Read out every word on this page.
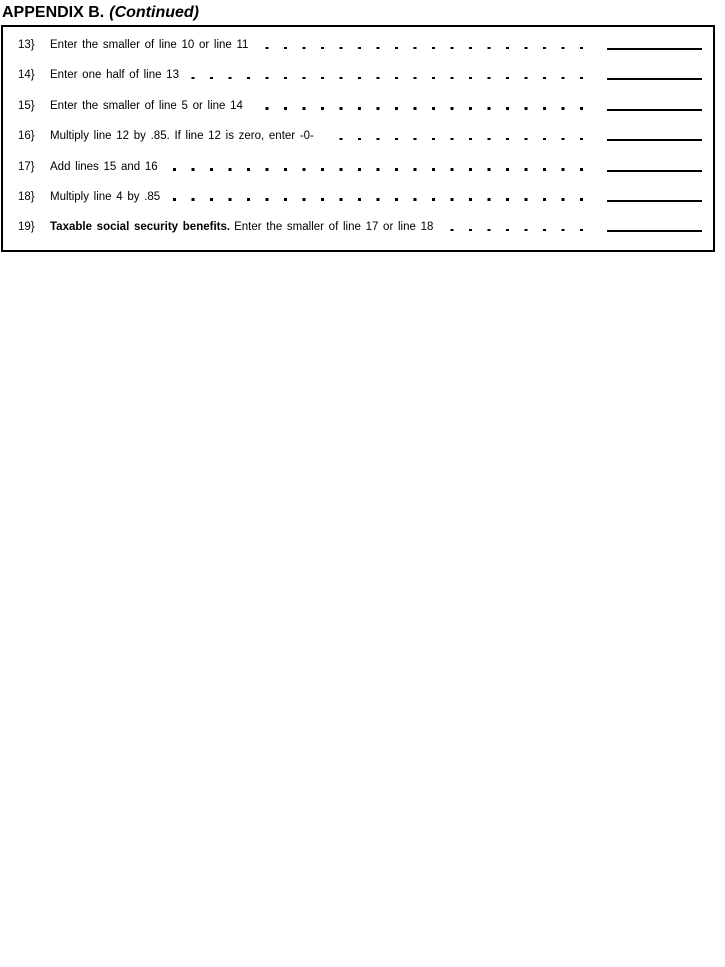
APPENDIX B. (Continued)
13}	Enter the smaller of line 10 or line 11
14}	Enter one half of line 13
15}	Enter the smaller of line 5 or line 14
16}	Multiply line 12 by .85. If line 12 is zero, enter -0-
17}	Add lines 15 and 16
18}	Multiply line 4 by .85
19}	Taxable social security benefits. Enter the smaller of line 17 or line 18
